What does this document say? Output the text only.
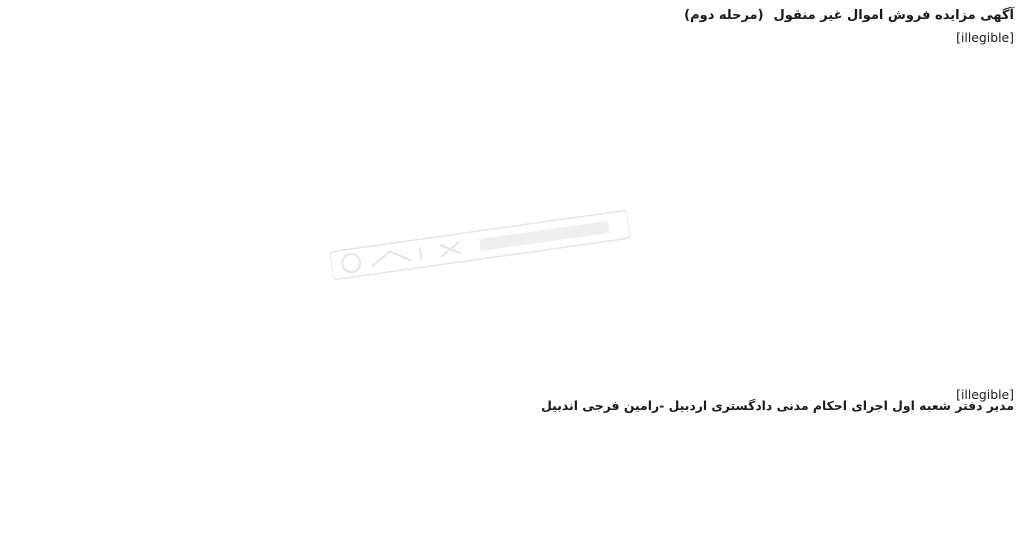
آگهی مزایده فروش اموال غیر منقول
(مرحله دوم)

[illegible]

[illegible]

مدیر دفتر شعبه اول اجرای احکام مدنی دادگستری اردبیل -رامین فرجی اندبیل
